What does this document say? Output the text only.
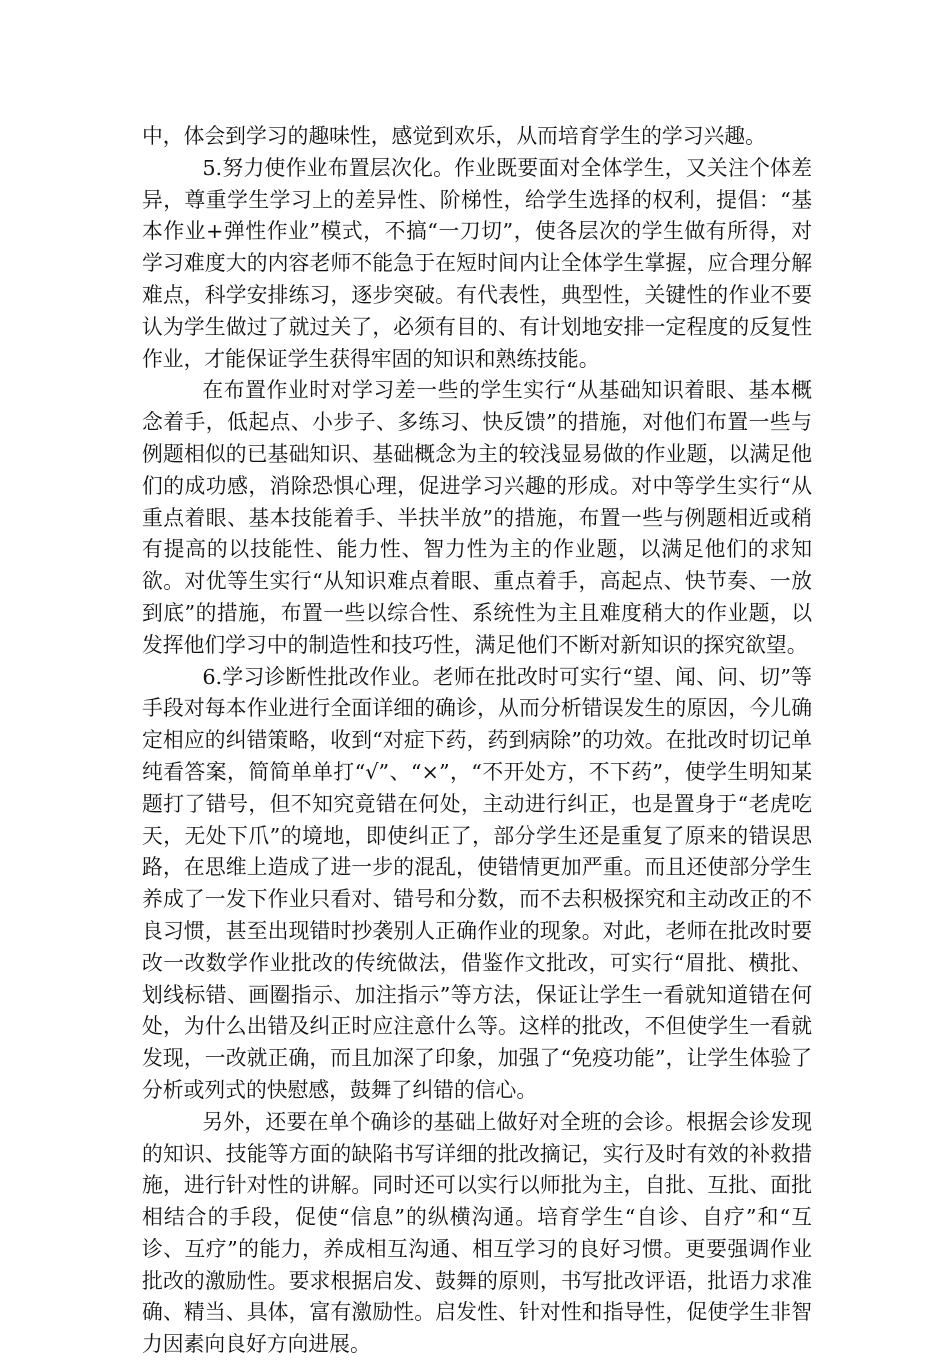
中，体会到学习的趣味性，感觉到欢乐，从而培育学生的学习兴趣。

5.努力使作业布置层次化。作业既要面对全体学生，又关注个体差异，尊重学生学习上的差异性、阶梯性，给学生选择的权利，提倡：“基本作业+弹性作业”模式，不搞“一刀切”，使各层次的学生做有所得，对学习难度大的内容老师不能急于在短时间内让全体学生掌握，应合理分解难点，科学安排练习，逐步突破。有代表性，典型性，关键性的作业不要认为学生做过了就过关了，必须有目的、有计划地安排一定程度的反复性作业，才能保证学生获得牢固的知识和熟练技能。

在布置作业时对学习差一些的学生实行“从基础知识着眼、基本概念着手，低起点、小步子、多练习、快反馈”的措施，对他们布置一些与例题相似的已基础知识、基础概念为主的较浅显易做的作业题，以满足他们的成功感，消除恐惧心理，促进学习兴趣的形成。对中等学生实行“从重点着眼、基本技能着手、半扶半放”的措施，布置一些与例题相近或稍有提高的以技能性、能力性、智力性为主的作业题，以满足他们的求知欲。对优等生实行“从知识难点着眼、重点着手，高起点、快节奏、一放到底”的措施，布置一些以综合性、系统性为主且难度稍大的作业题，以发挥他们学习中的制造性和技巧性，满足他们不断对新知识的探究欲望。

6.学习诊断性批改作业。老师在批改时可实行“望、闻、问、切”等手段对每本作业进行全面详细的确诊，从而分析错误发生的原因，今儿确定相应的纠错策略，收到“对症下药，药到病除”的功效。在批改时切记单纯看答案，简简单单打“√”、“×”，“不开处方，不下药”，使学生明知某题打了错号，但不知究竟错在何处，主动进行纠正，也是置身于“老虎吃天，无处下爪”的境地，即使纠正了，部分学生还是重复了原来的错误思路，在思维上造成了进一步的混乱，使错情更加严重。而且还使部分学生养成了一发下作业只看对、错号和分数，而不去积极探究和主动改正的不良习惯，甚至出现错时抄袭别人正确作业的现象。对此，老师在批改时要改一改数学作业批改的传统做法，借鉴作文批改，可实行“眉批、横批、划线标错、画圈指示、加注指示”等方法，保证让学生一看就知道错在何处，为什么出错及纠正时应注意什么等。这样的批改，不但使学生一看就发现，一改就正确，而且加深了印象，加强了“免疫功能”，让学生体验了分析或列式的快慰感，鼓舞了纠错的信心。

另外，还要在单个确诊的基础上做好对全班的会诊。根据会诊发现的知识、技能等方面的缺陷书写详细的批改摘记，实行及时有效的补救措施，进行针对性的讲解。同时还可以实行以师批为主，自批、互批、面批相结合的手段，促使“信息”的纵横沟通。培育学生“自诊、自疗”和“互诊、互疗”的能力，养成相互沟通、相互学习的良好习惯。更要强调作业批改的激励性。要求根据启发、鼓舞的原则，书写批改评语，批语力求准确、精当、具体，富有激励性。启发性、针对性和指导性，促使学生非智力因素向良好方向进展。
